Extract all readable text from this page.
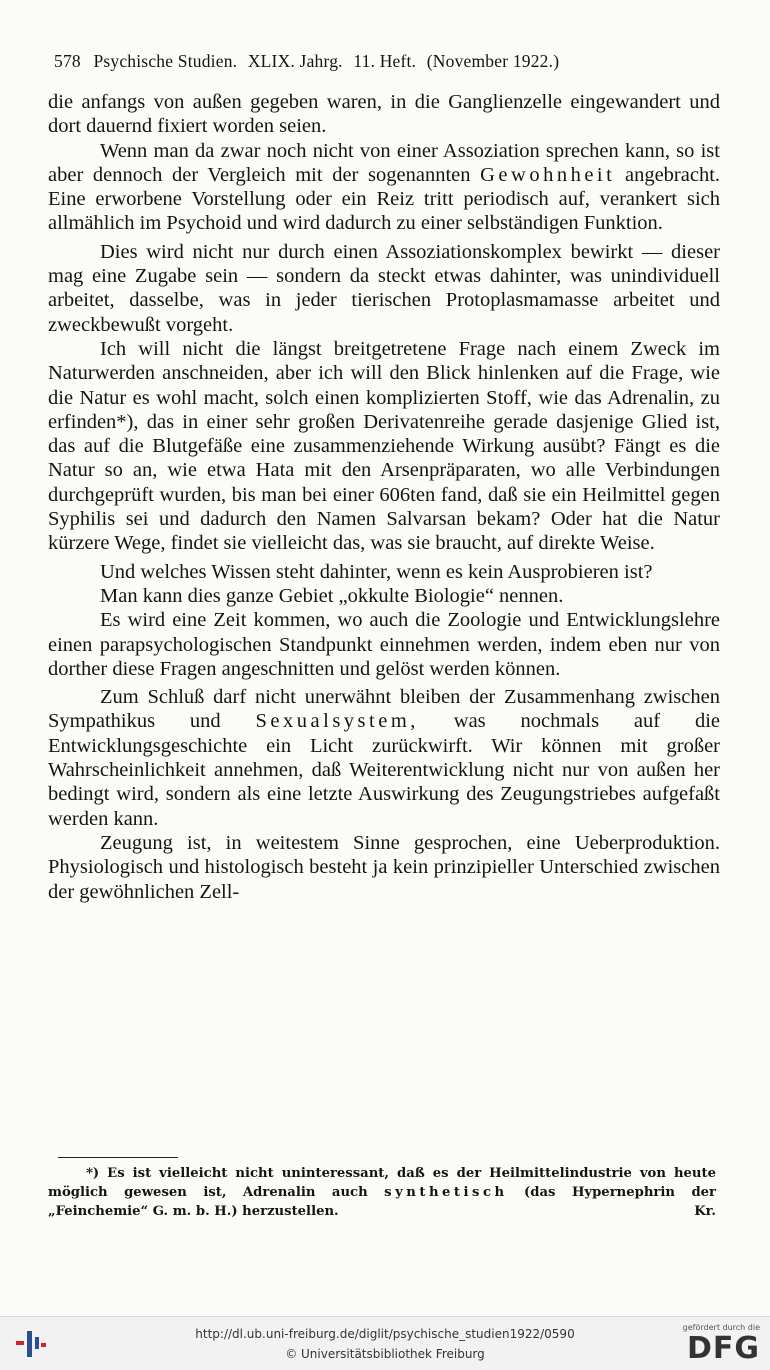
578 Psychische Studien. XLIX. Jahrg. 11. Heft. (November 1922.)

die anfangs von außen gegeben waren, in die Ganglienzelle eingewandert und dort dauernd fixiert worden seien.

Wenn man da zwar noch nicht von einer Assoziation sprechen kann, so ist aber dennoch der Vergleich mit der sogenannten Gewohnheit angebracht. Eine erworbene Vorstellung oder ein Reiz tritt periodisch auf, verankert sich allmählich im Psychoid und wird dadurch zu einer selbständigen Funktion.

Dies wird nicht nur durch einen Assoziationskomplex bewirkt — dieser mag eine Zugabe sein — sondern da steckt etwas dahinter, was unindividuell arbeitet, dasselbe, was in jeder tierischen Protoplasmamasse arbeitet und zweckbewußt vorgeht.

Ich will nicht die längst breitgetretene Frage nach einem Zweck im Naturwerden anschneiden, aber ich will den Blick hinlenken auf die Frage, wie die Natur es wohl macht, solch einen komplizierten Stoff, wie das Adrenalin, zu erfinden*), das in einer sehr großen Derivatenreihe gerade dasjenige Glied ist, das auf die Blutgefäße eine zusammenziehende Wirkung ausübt? Fängt es die Natur so an, wie etwa Hata mit den Arsenpräparaten, wo alle Verbindungen durchgeprüft wurden, bis man bei einer 606ten fand, daß sie ein Heilmittel gegen Syphilis sei und dadurch den Namen Salvarsan bekam? Oder hat die Natur kürzere Wege, findet sie vielleicht das, was sie braucht, auf direkte Weise.

Und welches Wissen steht dahinter, wenn es kein Ausprobieren ist?

Man kann dies ganze Gebiet „okkulte Biologie“ nennen.

Es wird eine Zeit kommen, wo auch die Zoologie und Entwicklungslehre einen parapsychologischen Standpunkt einnehmen werden, indem eben nur von dorther diese Fragen angeschnitten und gelöst werden können.

Zum Schluß darf nicht unerwähnt bleiben der Zusammenhang zwischen Sympathikus und Sexualsystem, was nochmals auf die Entwicklungsgeschichte ein Licht zurückwirft. Wir können mit großer Wahrscheinlichkeit annehmen, daß Weiterentwicklung nicht nur von außen her bedingt wird, sondern als eine letzte Auswirkung des Zeugungstriebes aufgefaßt werden kann.

Zeugung ist, in weitestem Sinne gesprochen, eine Ueberproduktion. Physiologisch und histologisch besteht ja kein prinzipieller Unterschied zwischen der gewöhnlichen Zell-

*) Es ist vielleicht nicht uninteressant, daß es der Heilmittelindustrie von heute möglich gewesen ist, Adrenalin auch synthetisch (das Hypernephrin der „Feinchemie“ G. m. b. H.) herzustellen.	Kr.

http://dl.ub.uni-freiburg.de/diglit/psychische_studien1922/0590
© Universitätsbibliothek Freiburg
gefördert durch die
DFG
